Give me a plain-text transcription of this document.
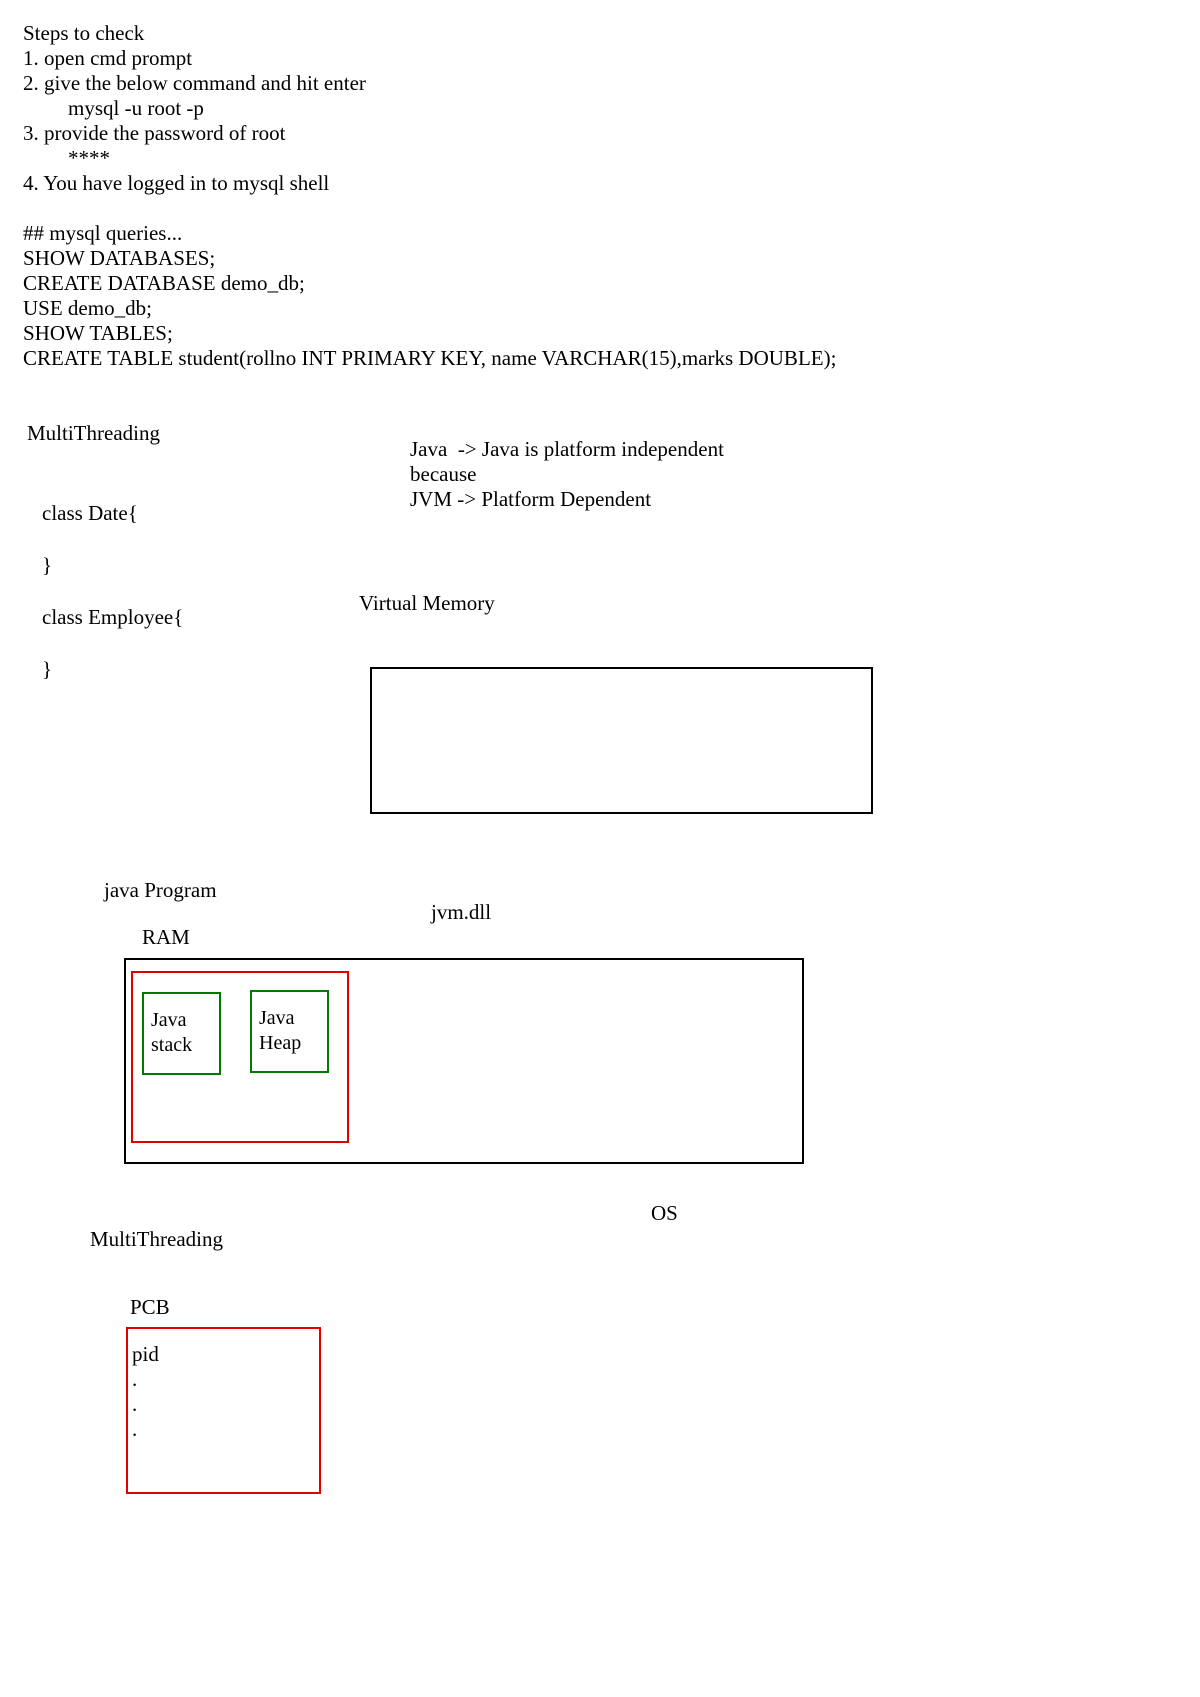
Steps to check
1. open cmd prompt
2. give the below command and hit enter
mysql -u root -p
3. provide the password of root
****
4. You have logged in to mysql shell
## mysql queries...
SHOW DATABASES;
CREATE DATABASE demo_db;
USE demo_db;
SHOW TABLES;
CREATE TABLE student(rollno INT PRIMARY KEY, name VARCHAR(15),marks DOUBLE);
MultiThreading
Java  -> Java is platform independent
because
JVM -> Platform Dependent
class Date{
}
class Employee{
}
Virtual Memory
java Program
jvm.dll
RAM
Java
stack
Java
Heap
OS
MultiThreading
PCB
pid
.
.
.
